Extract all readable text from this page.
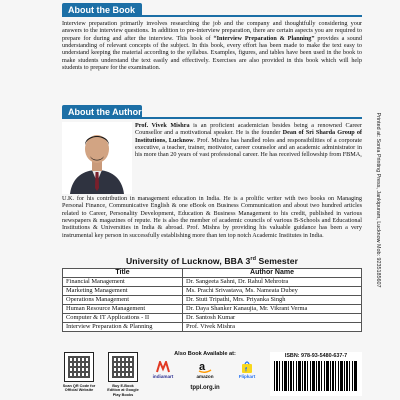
About the Book

Interview preparation primarily involves researching the job and the company and thoughtfully considering your answers to the interview questions. In addition to pre-interview preparation, there are certain aspects you are required to prepare for during and after the interview. This book of “Interview Preparation & Planning” provides a sound understanding of relevant concepts of the subject. In this book, every effort has been made to make the text easy to understand keeping the material according to the syllabus. Examples, figures, and tables have been used in the book to make students understand the text easily and effectively. Exercises are also provided in this book which will help students to prepare for the examination.

About the Author

Prof. Vivek Mishra is an proficient academician besides being a renowned Career Counsellor and a motivational speaker. He is the founder Dean of Sri Sharda Group of Institutions, Lucknow. Prof. Mishra has handled roles and responsibilities of a corporate executive, a teacher, trainer, motivator, career counselor and an academic administrator in his more than 20 years of vast professional career. He has received fellowship from FBMA,

U.K. for his contribution in management education in India. He is a prolific writer with two books on Managing Personal Finance, Communicative English & one eBook on Business Communication and about two hundred articles related to Career, Personality Development, Education & Business Management to his credit, published in various newspapers & magazines of repute. He is also the member of academic councils of various B-Schools and Educational Institutions & Universities in India & abroad. Prof. Mishra by providing his valuable guidance has been a very instrumental key person in successfully establishing more than ten top notch Academic Institutes in India.

University of Lucknow, BBA 3rd Semester
Title	Author Name
Financial Management	Dr. Sangeeta Sahni, Dr. Rahul Mehrotra
Marketing Management	Ms. Prachi Srivastava, Ms. Nameata Dubey
Operations Management	Dr. Stuti Tripathi, Mrs. Priyanka Singh
Human Resource Management	Dr. Daya Shanker Kanaujia, Mr. Vikrant Verma
Computer & IT Applications - II	Dr. Santosh Kumar
Interview Preparation & Planning	Prof. Vivek Mishra
Printed at: Sonia Printing Press, Jankipuram, Lucknow Mob: 9235185607
Scan QR Code for Official Website
Buy E-Book Edition at Google Play Books
Also Book Available at:
indiamart
a
amazon
f
Flipkart
tppl.org.in
ISBN: 978-93-5480-637-7
